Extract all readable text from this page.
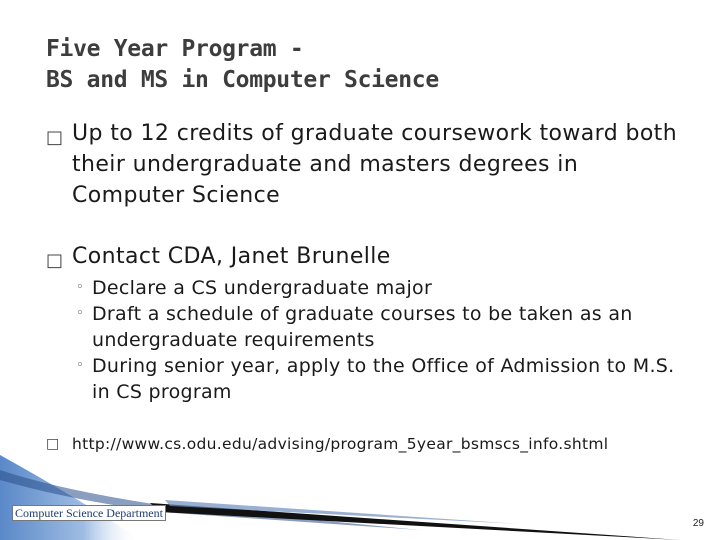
Five Year Program -
BS and MS in Computer Science
□ Up to 12 credits of graduate coursework toward both their undergraduate and masters degrees in Computer Science
□ Contact CDA, Janet Brunelle
◦ Declare a CS undergraduate major
◦ Draft a schedule of graduate courses to be taken as an undergraduate requirements
◦ During senior year, apply to the Office of Admission to M.S. in CS program
□ http://www.cs.odu.edu/advising/program_5year_bsmscs_info.shtml
Computer Science Department
29
